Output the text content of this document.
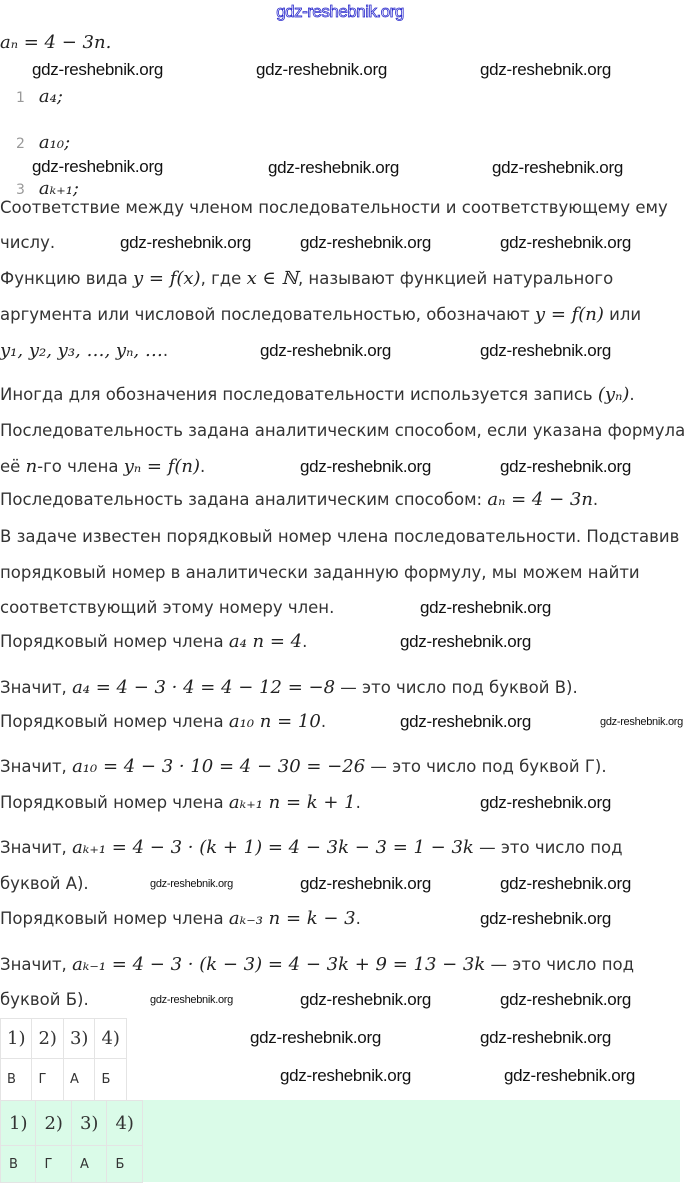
gdz-reshebnik.org
aₙ = 4 − 3n.
1 a₄;
2 a₁₀;
3 aₖ₊₁;
Соответствие между членом последовательности и соответствующему ему
числу.
Функцию вида y = f(x), где x ∈ ℕ, называют функцией натурального
аргумента или числовой последовательностью, обозначают y = f(n) или
y₁, y₂, y₃, …, yₙ, ….
Иногда для обозначения последовательности используется запись (yₙ).
Последовательность задана аналитическим способом, если указана формула
её n-го члена yₙ = f(n).
Последовательность задана аналитическим способом: aₙ = 4 − 3n.
В задаче известен порядковый номер члена последовательности. Подставив
порядковый номер в аналитически заданную формулу, мы можем найти
соответствующий этому номеру член.
Порядковый номер члена a₄ n = 4.
Значит, a₄ = 4 − 3 · 4 = 4 − 12 = −8 — это число под буквой В).
Порядковый номер члена a₁₀ n = 10.
Значит, a₁₀ = 4 − 3 · 10 = 4 − 30 = −26 — это число под буквой Г).
Порядковый номер члена aₖ₊₁ n = k + 1.
Значит, aₖ₊₁ = 4 − 3 · (k + 1) = 4 − 3k − 3 = 1 − 3k — это число под
буквой А).
Порядковый номер члена aₖ₋₃ n = k − 3.
Значит, aₖ₋₁ = 4 − 3 · (k − 3) = 4 − 3k + 9 = 13 − 3k — это число под
буквой Б).
gdz-reshebnik.org	gdz-reshebnik.org	gdz-reshebnik.org
gdz-reshebnik.org	gdz-reshebnik.org	gdz-reshebnik.org
gdz-reshebnik.org	gdz-reshebnik.org	gdz-reshebnik.org
gdz-reshebnik.org	gdz-reshebnik.org
gdz-reshebnik.org	gdz-reshebnik.org
gdz-reshebnik.org
gdz-reshebnik.org
gdz-reshebnik.org	gdz-reshebnik.org
gdz-reshebnik.org
gdz-reshebnik.org	gdz-reshebnik.org	gdz-reshebnik.org
gdz-reshebnik.org
gdz-reshebnik.org	gdz-reshebnik.org	gdz-reshebnik.org
gdz-reshebnik.org	gdz-reshebnik.org
gdz-reshebnik.org	gdz-reshebnik.org
1)	2)	3)	4)
В	Г	А	Б
1)	2)	3)	4)
В	Г	А	Б
